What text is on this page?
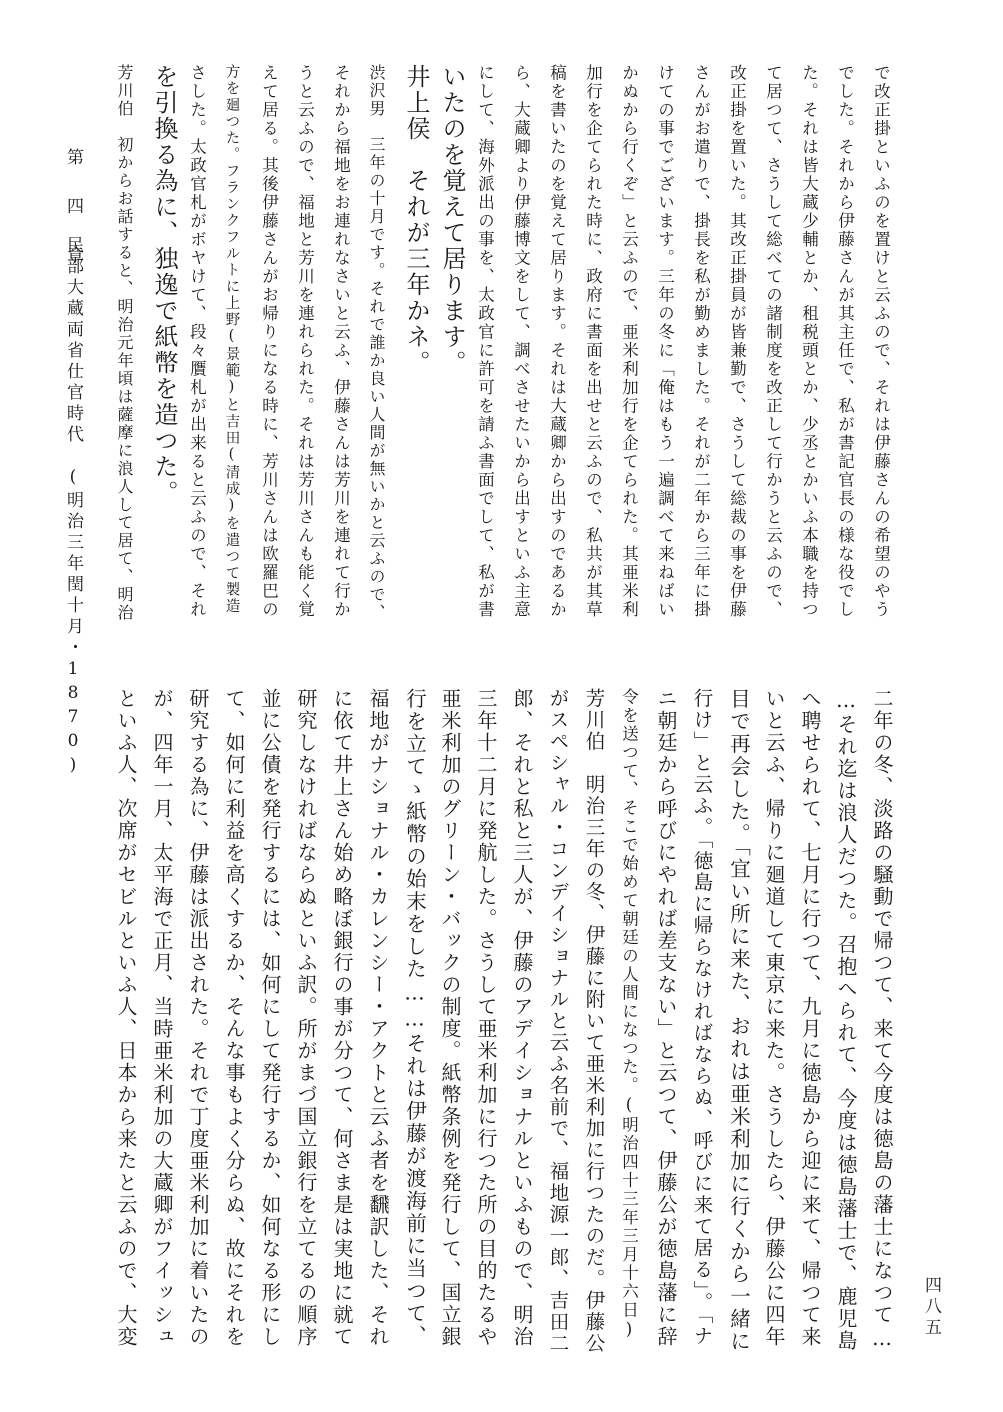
第 四 章
民部大蔵両省仕官時代　(明治三年閏十月・1870)	で改正掛といふのを置けと云ふので、それは伊藤さんの希望のやう
でした。それから伊藤さんが其主任で、私が書記官長の様な役でし
た。それは皆大蔵少輔とか、租税頭とか、少丞とかいふ本職を持つ
て居つて、さうして総べての諸制度を改正して行かうと云ふので、
改正掛を置いた。其改正掛員が皆兼勤で、さうして総裁の事を伊藤
さんがお遣りで、掛長を私が勤めました。それが二年から三年に掛
けての事でございます。三年の冬に「俺はもう一遍調べて来ねばい
かぬから行くぞ」と云ふので、亜米利加行を企てられた。其亜米利
加行を企てられた時に、政府に書面を出せと云ふので、私共が其草
稿を書いたのを覚えて居ります。それは大蔵卿から出すのであるか
ら、大蔵卿より伊藤博文をして、調べさせたいから出すといふ主意
にして、海外派出の事を、太政官に許可を請ふ書面でして、私が書
いたのを覚えて居ります。
井上侯　それが三年かネ。
渋沢男　三年の十月です。それで誰か良い人間が無いかと云ふので、
それから福地をお連れなさいと云ふ、伊藤さんは芳川を連れて行か
うと云ふので、福地と芳川を連れられた。それは芳川さんも能く覚
えて居る。其後伊藤さんがお帰りになる時に、芳川さんは欧羅巴の
方を廻つた。フランクフルトに上野(景範)と吉田(清成)を遣つて製造
さした。太政官札がボヤけて、段々贋札が出来ると云ふので、それ
を引換る為に、独逸で紙幣を造つた。
芳川伯　初からお話すると、明治元年頃は薩摩に浪人して居て、明治
二年の冬、淡路の騒動で帰つて、来て今度は徳島の藩士になつて…
…それ迄は浪人だつた。召抱へられて、今度は徳島藩士で、鹿児島
へ聘せられて、七月に行つて、九月に徳島から迎に来て、帰つて来
いと云ふ、帰りに廻道して東京に来た。さうしたら、伊藤公に四年
目で再会した。「宜い所に来た、おれは亜米利加に行くから一緒に
行け」と云ふ。「徳島に帰らなければならぬ、呼びに来て居る」。「ナ
ニ朝廷から呼びにやれば差支ない」と云つて、伊藤公が徳島藩に辞
令を送つて、そこで始めて朝廷の人間になつた。(明治四十三年三月十六日)
芳川伯　明治三年の冬、伊藤に附いて亜米利加に行つたのだ。伊藤公
がスペシャル・コンデイショナルと云ふ名前で、福地源一郎、吉田二
郎、それと私と三人が、伊藤のアデイショナルといふもので、明治
三年十二月に発航した。さうして亜米利加に行つた所の目的たるや
亜米利加のグリーン・バックの制度。紙幣条例を発行して、国立銀
行を立てゝ紙幣の始末をした……それは伊藤が渡海前に当つて、
福地がナショナル・カレンシー・アクトと云ふ者を飜訳した、それ
に依て井上さん始め略ぼ銀行の事が分つて、何さま是は実地に就て
研究しなければならぬといふ訳。所がまづ国立銀行を立てるの順序
並に公債を発行するには、如何にして発行するか、如何なる形にし
て、如何に利益を高くするか、そんな事もよく分らぬ、故にそれを
研究する為に、伊藤は派出された。それで丁度亜米利加に着いたの
が、四年一月、太平海で正月、当時亜米利加の大蔵卿がフイッシュ
といふ人、次席がセビルといふ人、日本から来たと云ふので、大変	四八五
